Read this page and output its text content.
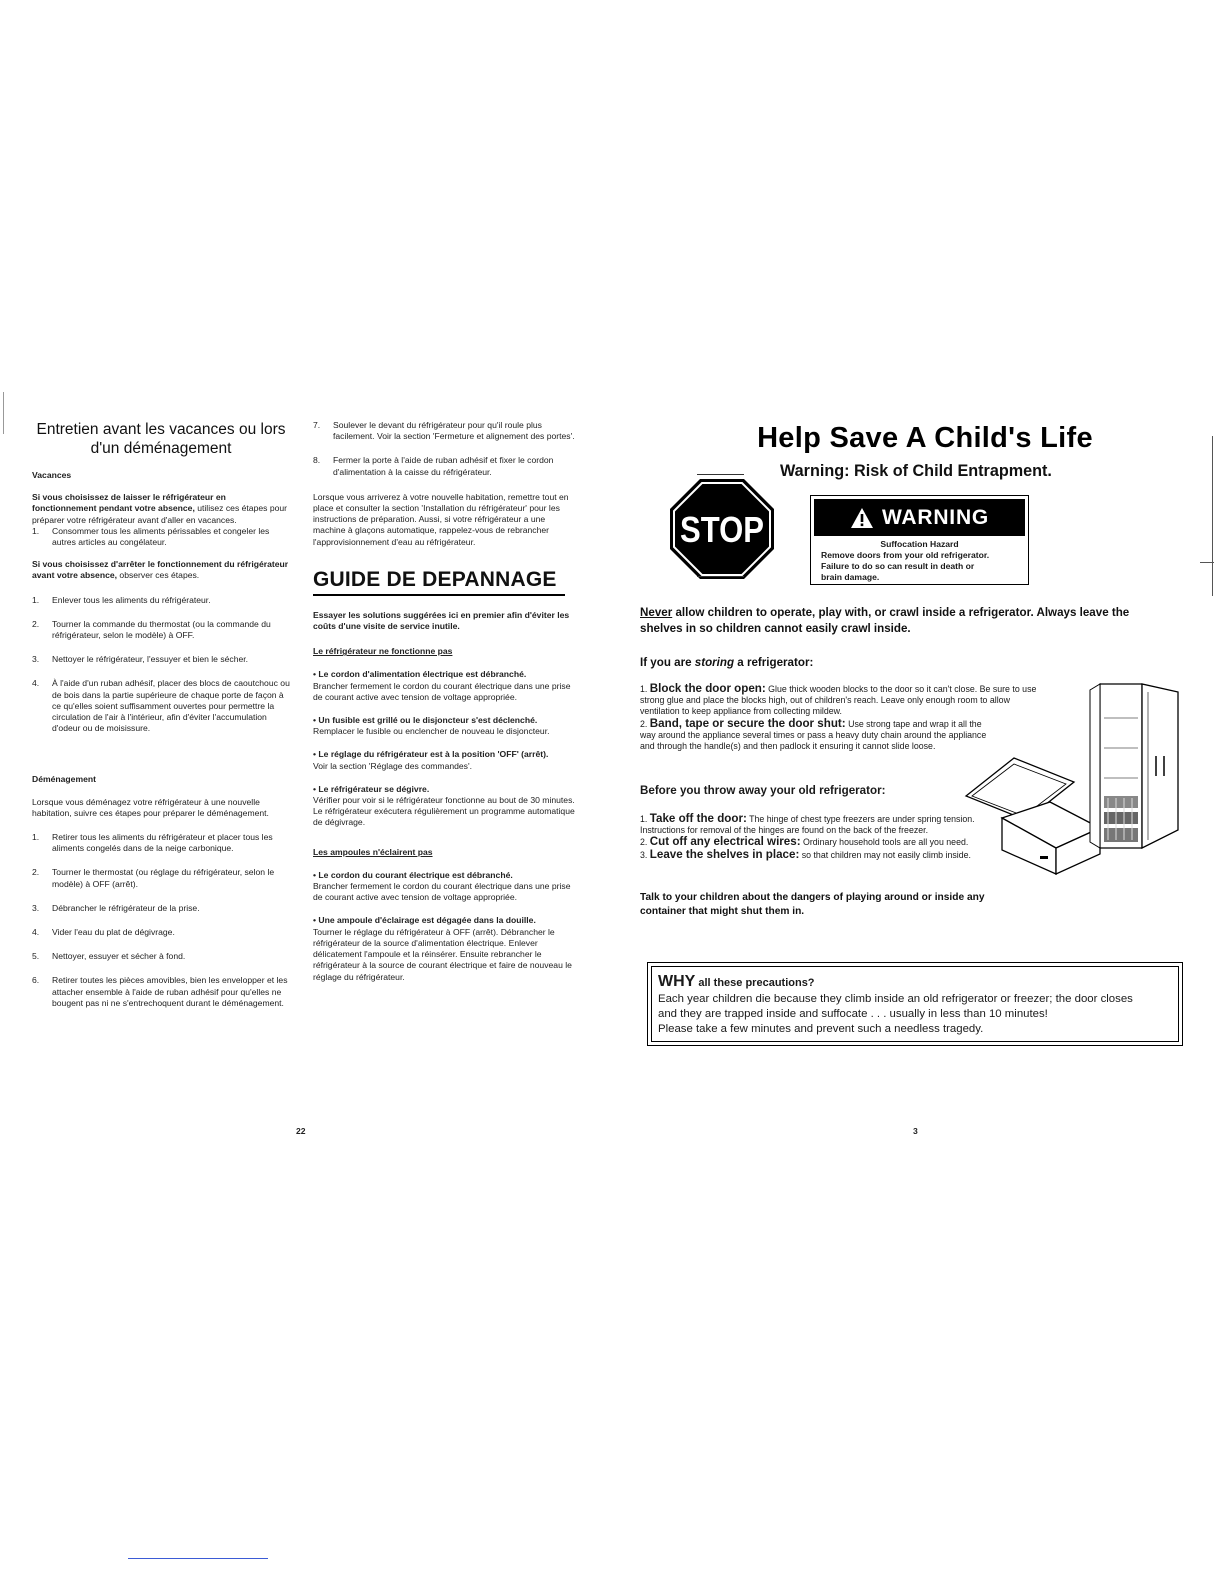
Entretien avant les vacances ou lors d'un déménagement
Vacances
Si vous choisissez de laisser le réfrigérateur en fonctionnement pendant votre absence, utilisez ces étapes pour préparer votre réfrigérateur avant d'aller en vacances.
1.	Consommer tous les aliments périssables et congeler les autres articles au congélateur.
Si vous choisissez d'arrêter le fonctionnement du réfrigérateur avant votre absence, observer ces étapes.
1.	Enlever tous les aliments du réfrigérateur.
2.	Tourner la commande du thermostat (ou la commande du réfrigérateur, selon le modèle) à OFF.
3.	Nettoyer le réfrigérateur, l'essuyer et bien le sécher.
4.	À l'aide d'un ruban adhésif, placer des blocs de caoutchouc ou de bois dans la partie supérieure de chaque porte de façon à ce qu'elles soient suffisamment ouvertes pour permettre la circulation de l'air à l'intérieur, afin d'éviter l'accumulation d'odeur ou de moisissure.
Déménagement
Lorsque vous déménagez votre réfrigérateur à une nouvelle habitation, suivre ces étapes pour préparer le déménagement.
1.	Retirer tous les aliments du réfrigérateur et placer tous les aliments congelés dans de la neige carbonique.
2.	Tourner le thermostat (ou réglage du réfrigérateur, selon le modèle) à OFF (arrêt).
3.	Débrancher le réfrigérateur de la prise.
4.	Vider l'eau du plat de dégivrage.
5.	Nettoyer, essuyer et sécher à fond.
6.	Retirer toutes les pièces amovibles, bien les envelopper et les attacher ensemble à l'aide de ruban adhésif pour qu'elles ne bougent pas ni ne s'entrechoquent durant le déménagement.
7.	Soulever le devant du réfrigérateur pour qu'il roule plus facilement. Voir la section 'Fermeture et alignement des portes'.
8.	Fermer la porte à l'aide de ruban adhésif et fixer le cordon d'alimentation à la caisse du réfrigérateur.
Lorsque vous arriverez à votre nouvelle habitation, remettre tout en place et consulter la section 'Installation du réfrigérateur' pour les instructions de préparation. Aussi, si votre réfrigérateur a une machine à glaçons automatique, rappelez-vous de rebrancher l'approvisionnement d'eau au réfrigérateur.
GUIDE DE DEPANNAGE
Essayer les solutions suggérées ici en premier afin d'éviter les coûts d'une visite de service inutile.
Le réfrigérateur ne fonctionne pas
• Le cordon d'alimentation électrique est débranché.
Brancher fermement le cordon du courant électrique dans une prise de courant active avec tension de voltage appropriée.
• Un fusible est grillé ou le disjoncteur s'est déclenché.
Remplacer le fusible ou enclencher de nouveau le disjoncteur.
• Le réglage du réfrigérateur est à la position 'OFF' (arrêt).
Voir la section 'Réglage des commandes'.
• Le réfrigérateur se dégivre.
Vérifier pour voir si le réfrigérateur fonctionne au bout de 30 minutes. Le réfrigérateur exécutera régulièrement un programme automatique de dégivrage.
Les ampoules n'éclairent pas
• Le cordon du courant électrique est débranché.
Brancher fermement le cordon du courant électrique dans une prise de courant active avec tension de voltage appropriée.
• Une ampoule d'éclairage est dégagée dans la douille.
Tourner le réglage du réfrigérateur à OFF (arrêt). Débrancher le réfrigérateur de la source d'alimentation électrique. Enlever délicatement l'ampoule et la réinsérer. Ensuite rebrancher le réfrigérateur à la source de courant électrique et faire de nouveau le réglage du réfrigérateur.
22
Help Save A Child's Life
Warning: Risk of Child Entrapment.
STOP	WARNING
Suffocation Hazard
Remove doors from your old refrigerator.
Failure to do so can result in death or
brain damage.
Never allow children to operate, play with, or crawl inside a refrigerator. Always leave the shelves in so children cannot easily crawl inside.
If you are storing a refrigerator:
1. Block the door open: Glue thick wooden blocks to the door so it can't close. Be sure to use strong glue and place the blocks high, out of children's reach. Leave only enough room to allow ventilation to keep appliance from collecting mildew.
2. Band, tape or secure the door shut: Use strong tape and wrap it all the way around the appliance several times or pass a heavy duty chain around the appliance and through the handle(s) and then padlock it ensuring it cannot slide loose.
Before you throw away your old refrigerator:
1. Take off the door: The hinge of chest type freezers are under spring tension. Instructions for removal of the hinges are found on the back of the freezer.
2. Cut off any electrical wires: Ordinary household tools are all you need.
3. Leave the shelves in place: so that children may not easily climb inside.
Talk to your children about the dangers of playing around or inside any container that might shut them in.
WHY all these precautions?
Each year children die because they climb inside an old refrigerator or freezer; the door closes
and they are trapped inside and suffocate . . . usually in less than 10 minutes!
Please take a few minutes and prevent such a needless tragedy.
3
